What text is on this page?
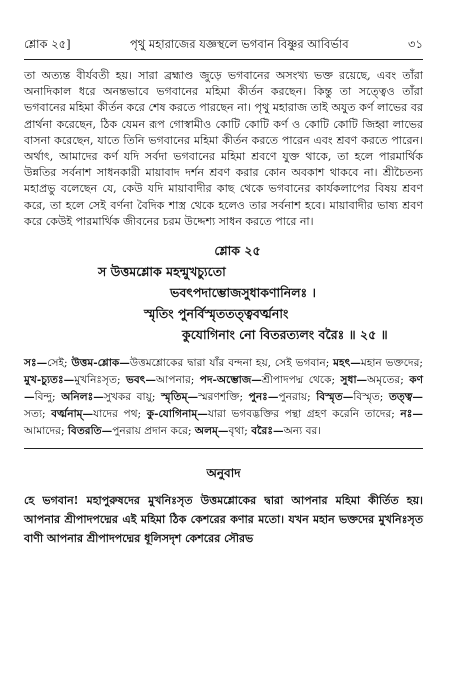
শ্লোক ২৫]	পৃথু মহারাজের যজ্ঞস্থলে ভগবান বিষ্ণুর আবির্ভাব	৩১

তা অত্যন্ত বীর্যবতী হয়। সারা ব্রহ্মাণ্ড জুড়ে ভগবানের অসংখ্য ভক্ত রয়েছে, এবং তাঁরা অনাদিকাল ধরে অনন্তভাবে ভগবানের মহিমা কীর্তন করছেন। কিন্তু তা সত্ত্বেও তাঁরা ভগবানের মহিমা কীর্তন করে শেষ করতে পারছেন না। পৃথু মহারাজ তাই অযুত কর্ণ লাভের বর প্রার্থনা করেছেন, ঠিক যেমন রূপ গোস্বামীও কোটি কোটি কর্ণ ও কোটি কোটি জিহ্বা লাভের বাসনা করেছেন, যাতে তিনি ভগবানের মহিমা কীর্তন করতে পারেন এবং শ্রবণ করতে পারেন। অর্থাৎ, আমাদের কর্ণ যদি সর্বদা ভগবানের মহিমা শ্রবণে যুক্ত থাকে, তা হলে পারমার্থিক উন্নতির সর্বনাশ সাধনকারী মায়াবাদ দর্শন শ্রবণ করার কোন অবকাশ থাকবে না। শ্রীচৈতন্য মহাপ্রভু বলেছেন যে, কেউ যদি মায়াবাদীর কাছ থেকে ভগবানের কার্যকলাপের বিষয় শ্রবণ করে, তা হলে সেই বর্ণনা বৈদিক শাস্ত্র থেকে হলেও তার সর্বনাশ হবে। মায়াবাদীর ভাষ্য শ্রবণ করে কেউই পারমার্থিক জীবনের চরম উদ্দেশ্য সাধন করতে পারে না।

শ্লোক ২৫
স উত্তমশ্লোক মহন্মুখচ্যুতো
ভবৎপদাম্ভোজসুধাকণানিলঃ ।
স্মৃতিং পুনর্বিস্মৃততত্ত্ববর্ত্মনাং
কুযোগিনাং নো বিতরত্যলং বরৈঃ ॥ ২৫ ॥
সঃ—সেই; উত্তম-শ্লোক—উত্তমশ্লোকের দ্বারা যাঁর বন্দনা হয়, সেই ভগবান; মহৎ—মহান ভক্তদের; মুখ-চ্যুতঃ—মুখনিঃসৃত; ভবৎ—আপনার; পদ-অম্ভোজ—শ্রীপাদপদ্ম থেকে; সুধা—অমৃতের; কণ—বিন্দু; অনিলঃ—সুখকর বায়ু; স্মৃতিম্—স্মরণশক্তি; পুনঃ—পুনরায়; বিস্মৃত—বিস্মৃত; তত্ত্ব—সত্য; বর্ত্মনাম্—যাদের পথ; কু-যোগিনাম্—যারা ভগবদ্ভক্তির পন্থা গ্রহণ করেনি তাদের; নঃ—আমাদের; বিতরতি—পুনরায় প্রদান করে; অলম্—বৃথা; বরৈঃ—অন্য বর।
অনুবাদ

হে ভগবান! মহাপুরুষদের মুখনিঃসৃত উত্তমশ্লোকের দ্বারা আপনার মহিমা কীর্তিত হয়। আপনার শ্রীপাদপদ্মের এই মহিমা ঠিক কেশরের কণার মতো। যখন মহান ভক্তদের মুখনিঃসৃত বাণী আপনার শ্রীপাদপদ্মের ধূলিসদৃশ কেশরের সৌরভ
